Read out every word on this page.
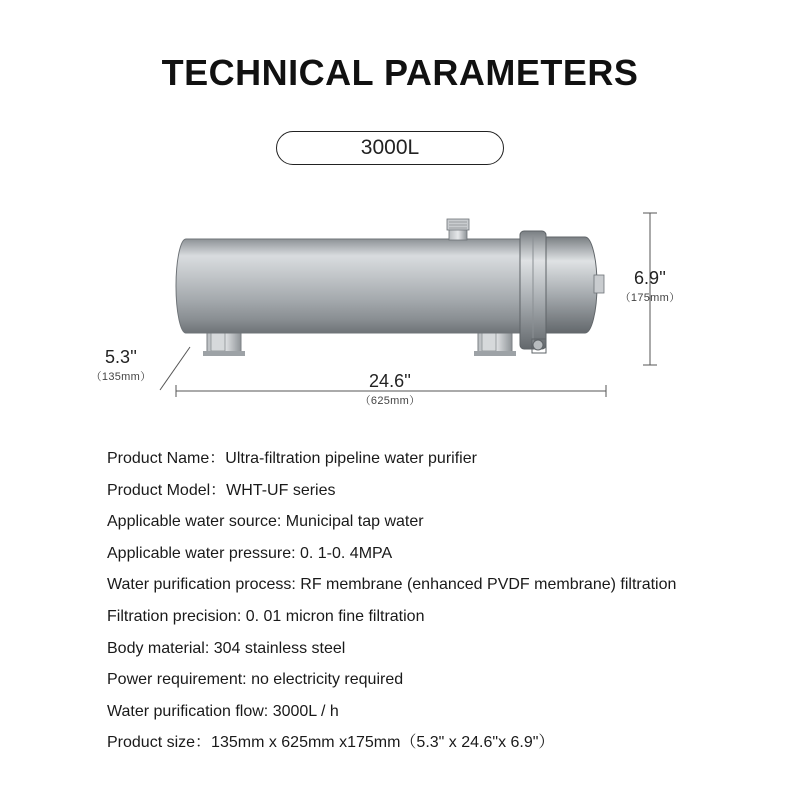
TECHNICAL PARAMETERS
3000L
6.9''
（175mm）
5.3''
（135mm）	24.6''
（625mm）
Product Name：Ultra-filtration pipeline water purifier
Product Model：WHT-UF series
Applicable water source: Municipal tap water
Applicable water pressure: 0. 1-0. 4MPA
Water purification process: RF membrane (enhanced PVDF membrane) filtration
Filtration precision: 0. 01 micron fine filtration
Body material: 304 stainless steel
Power requirement: no electricity required
Water purification flow: 3000L / h
Product size：135mm x 625mm x175mm（5.3" x 24.6"x 6.9"）
